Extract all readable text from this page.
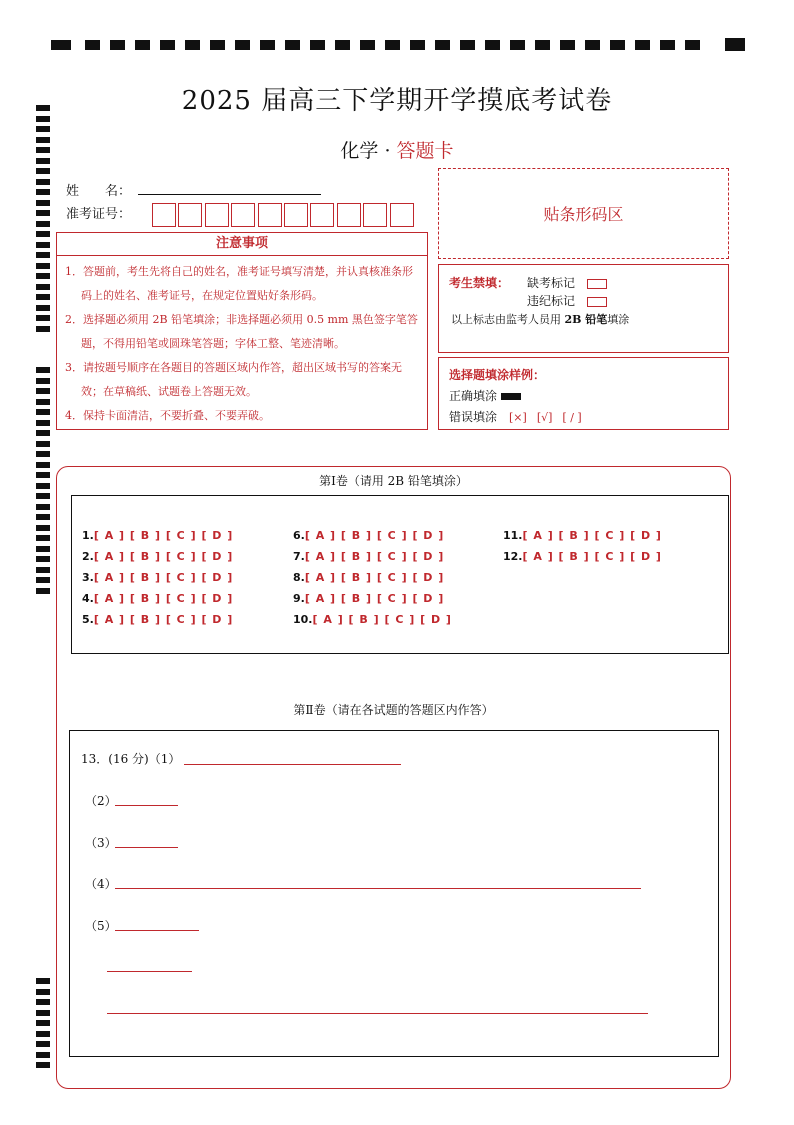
2025 届高三下学期开学摸底考试卷
化学 · 答题卡
姓　　名：
准考证号：	贴条形码区
注意事项
1．答题前，考生先将自己的姓名，准考证号填写清楚，并认真核准条形码上的姓名、准考证号，在规定位置贴好条形码。
2．选择题必须用 2B 铅笔填涂；非选择题必须用 0.5 mm 黑色签字笔答题，不得用铅笔或圆珠笔答题；字体工整、笔迹清晰。
3．请按题号顺序在各题目的答题区域内作答，超出区域书写的答案无效；在草稿纸、试题卷上答题无效。
4．保持卡面清洁，不要折叠、不要弄破。
考生禁填： 缺考标记
违纪标记
以上标志由监考人员用 2B 铅笔填涂
选择题填涂样例：
正确填涂
错误填涂 [×] [√] [ / ]
第Ⅰ卷（请用 2B 铅笔填涂）
1.[ A ] [ B ] [ C ] [ D ]
2.[ A ] [ B ] [ C ] [ D ]
3.[ A ] [ B ] [ C ] [ D ]
4.[ A ] [ B ] [ C ] [ D ]
5.[ A ] [ B ] [ C ] [ D ]
6.[ A ] [ B ] [ C ] [ D ]
7.[ A ] [ B ] [ C ] [ D ]
8.[ A ] [ B ] [ C ] [ D ]
9.[ A ] [ B ] [ C ] [ D ]
10.[ A ] [ B ] [ C ] [ D ]
11.[ A ] [ B ] [ C ] [ D ]
12.[ A ] [ B ] [ C ] [ D ]
第Ⅱ卷（请在各试题的答题区内作答）
13．(16 分)（1）
（2）
（3）
（4）
（5）
